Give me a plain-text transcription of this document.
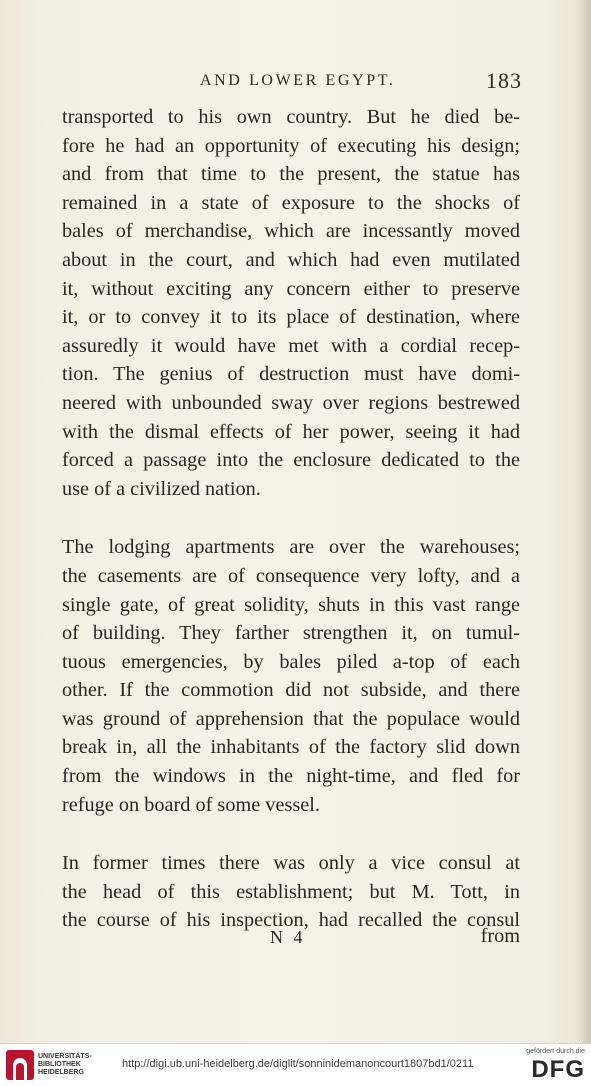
AND LOWER EGYPT.	183
transported to his own country. But he died be-
fore he had an opportunity of executing his design;
and from that time to the present, the statue has
remained in a state of exposure to the shocks of
bales of merchandise, which are incessantly moved
about in the court, and which had even mutilated
it, without exciting any concern either to preserve
it, or to convey it to its place of destination, where
assuredly it would have met with a cordial recep-
tion. The genius of destruction must have domi-
neered with unbounded sway over regions bestrewed
with the dismal effects of her power, seeing it had
forced a passage into the enclosure dedicated to the
use of a civilized nation.
The lodging apartments are over the warehouses;
the casements are of consequence very lofty, and a
single gate, of great solidity, shuts in this vast range
of building. They farther strengthen it, on tumul-
tuous emergencies, by bales piled a-top of each
other. If the commotion did not subside, and there
was ground of apprehension that the populace would
break in, all the inhabitants of the factory slid down
from the windows in the night-time, and fled for
refuge on board of some vessel.
In former times there was only a vice consul at
the head of this establishment; but M. Tott, in
the course of his inspection, had recalled the consul
N 4	from
UNIVERSITÄTS-
BIBLIOTHEK
HEIDELBERG
http://digi.ub.uni-heidelberg.de/diglit/sonninidemanoncourt1807bd1/0211
gefördert durch die
DFG
